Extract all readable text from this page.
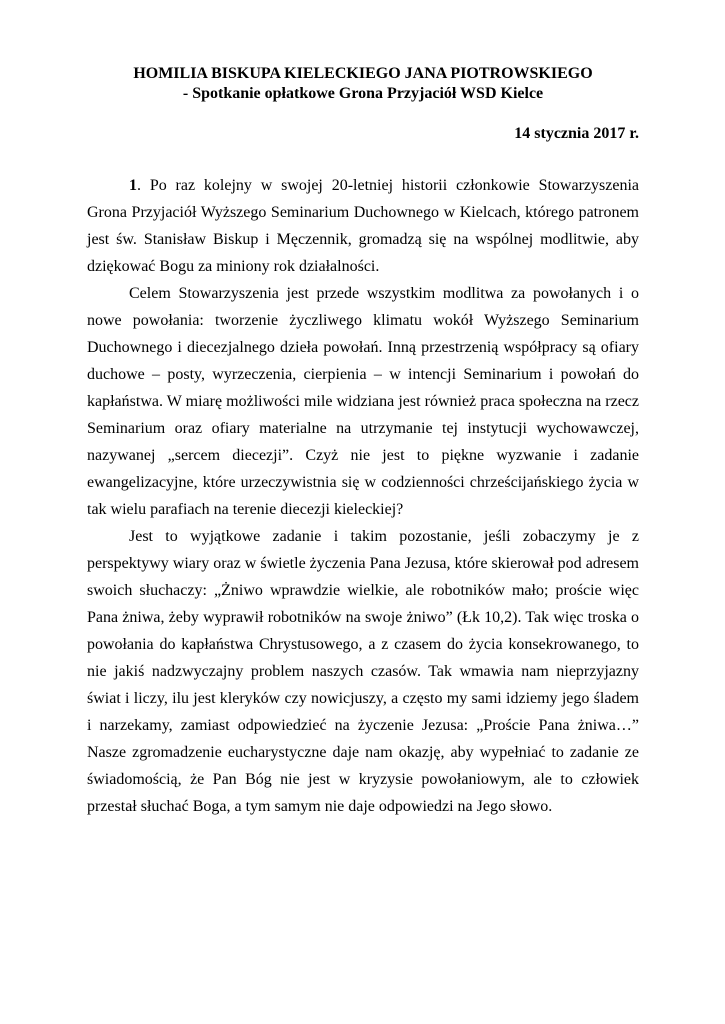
HOMILIA BISKUPA KIELECKIEGO JANA PIOTROWSKIEGO
- Spotkanie opłatkowe Grona Przyjaciół WSD Kielce

14 stycznia 2017 r.

1. Po raz kolejny w swojej 20-letniej historii członkowie Stowarzyszenia Grona Przyjaciół Wyższego Seminarium Duchownego w Kielcach, którego patronem jest św. Stanisław Biskup i Męczennik, gromadzą się na wspólnej modlitwie, aby dziękować Bogu za miniony rok działalności.

Celem Stowarzyszenia jest przede wszystkim modlitwa za powołanych i o nowe powołania: tworzenie życzliwego klimatu wokół Wyższego Seminarium Duchownego i diecezjalnego dzieła powołań. Inną przestrzenią współpracy są ofiary duchowe – posty, wyrzeczenia, cierpienia – w intencji Seminarium i powołań do kapłaństwa. W miarę możliwości mile widziana jest również praca społeczna na rzecz Seminarium oraz ofiary materialne na utrzymanie tej instytucji wychowawczej, nazywanej „sercem diecezji”. Czyż nie jest to piękne wyzwanie i zadanie ewangelizacyjne, które urzeczywistnia się w codzienności chrześcijańskiego życia w tak wielu parafiach na terenie diecezji kieleckiej?

Jest to wyjątkowe zadanie i takim pozostanie, jeśli zobaczymy je z perspektywy wiary oraz w świetle życzenia Pana Jezusa, które skierował pod adresem swoich słuchaczy: „Żniwo wprawdzie wielkie, ale robotników mało; proście więc Pana żniwa, żeby wyprawił robotników na swoje żniwo” (Łk 10,2). Tak więc troska o powołania do kapłaństwa Chrystusowego, a z czasem do życia konsekrowanego, to nie jakiś nadzwyczajny problem naszych czasów. Tak wmawia nam nieprzyjazny świat i liczy, ilu jest kleryków czy nowicjuszy, a często my sami idziemy jego śladem i narzekamy, zamiast odpowiedzieć na życzenie Jezusa: „Proście Pana żniwa…” Nasze zgromadzenie eucharystyczne daje nam okazję, aby wypełniać to zadanie ze świadomością, że Pan Bóg nie jest w kryzysie powołaniowym, ale to człowiek przestał słuchać Boga, a tym samym nie daje odpowiedzi na Jego słowo.
